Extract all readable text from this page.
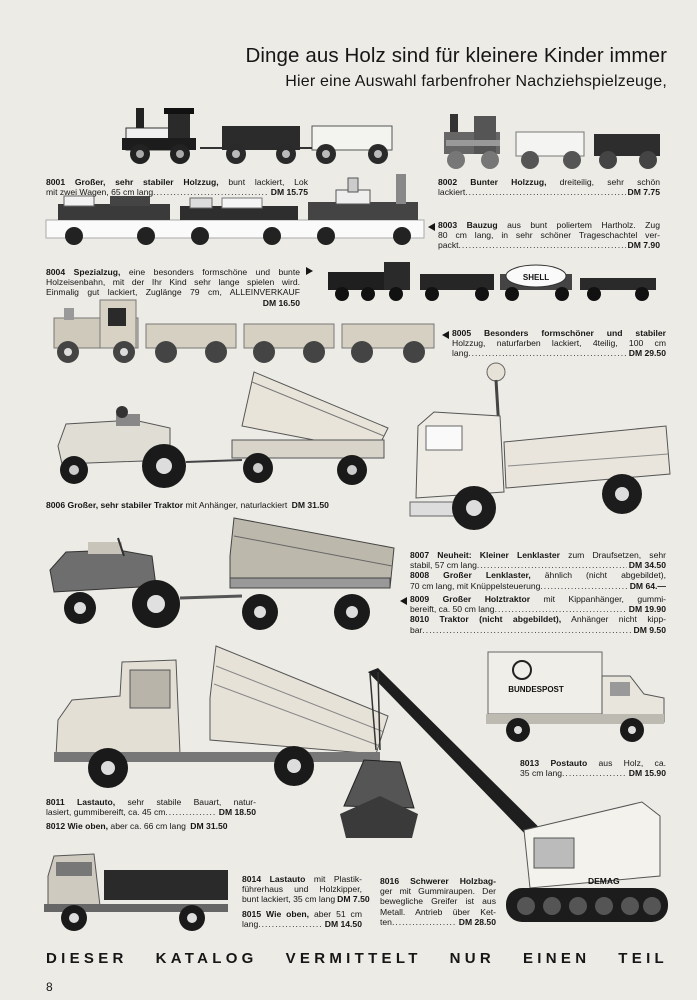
Dinge aus Holz sind für kleinere Kinder immer
Hier eine Auswahl farbenfroher Nachziehspielzeuge,
SHELL
BUNDESPOST
DEMAG
8001 Großer, sehr stabiler Holzzug, bunt lackiert, Lok
mit zwei Wagen, 65 cm lang .....	DM 15.75
8002 Bunter Holzzug, dreiteilig, sehr schön
lackiert .....	DM 7.75
8003 Bauzug aus bunt poliertem Hartholz. Zug
80 cm lang, in sehr schöner Trageschachtel ver-
packt .....	DM 7.90
8004 Spezialzug, eine besonders formschöne und bunte
Holzeisenbahn, mit der Ihr Kind sehr lange spielen wird.
Einmalig gut lackiert, Zuglänge 79 cm, ALLEINVERKAUF
DM 16.50
8005 Besonders formschöner und stabiler
Holzzug, naturfarben lackiert, 4teilig, 100 cm
lang .....	DM 29.50
8006 Großer, sehr stabiler Traktor mit Anhänger, naturlackiert DM 31.50
8007 Neuheit: Kleiner Lenklaster zum Draufsetzen, sehr
stabil, 57 cm lang .....	DM 34.50
8008 Großer Lenklaster, ähnlich (nicht abgebildet),
70 cm lang, mit Knüppelsteuerung .....	DM 64.—
8009 Großer Holztraktor mit Kippanhänger, gummi-
bereift, ca. 50 cm lang .....	DM 19.90
8010 Traktor (nicht abgebildet), Anhänger nicht kipp-
bar .....	DM 9.50
8013 Postauto aus Holz, ca.
35 cm lang .....	DM 15.90
8011 Lastauto, sehr stabile Bauart, natur-
lasiert, gummibereift, ca. 45 cm .....	DM 18.50
8012 Wie oben, aber ca. 66 cm lang DM 31.50
8014 Lastauto mit Plastik-
führerhaus und Holzkipper,
bunt lackiert, 35 cm lang DM 7.50
8015 Wie oben, aber 51 cm
lang .....	DM 14.50
8016 Schwerer Holzbag-
ger mit Gummiraupen. Der
bewegliche Greifer ist aus
Metall. Antrieb über Ket-
ten .....	DM 28.50
DIESER KATALOG VERMITTELT NUR EINEN TEIL
8
